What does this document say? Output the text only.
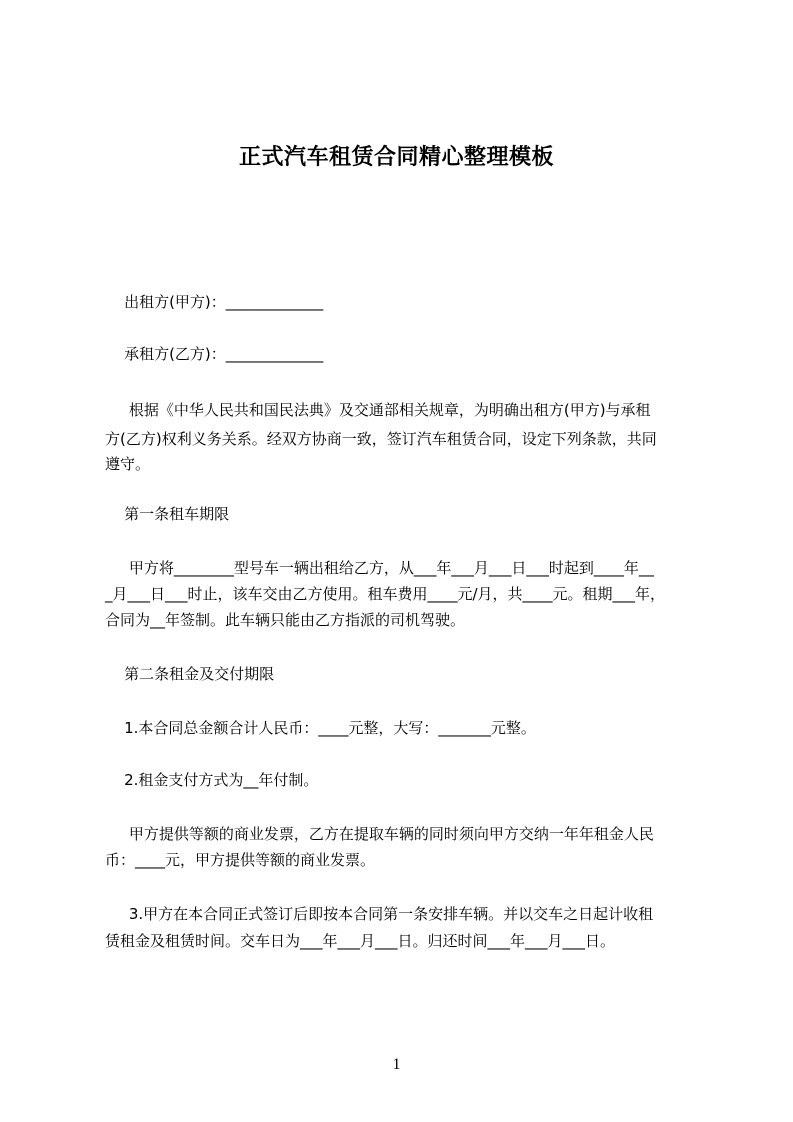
正式汽车租赁合同精心整理模板
出租方(甲方)：_____________
承租方(乙方)：_____________
根据《中华人民共和国民法典》及交通部相关规章，为明确出租方(甲方)与承租
方(乙方)权利义务关系。经双方协商一致，签订汽车租赁合同，设定下列条款，共同
遵守。
第一条租车期限
甲方将________型号车一辆出租给乙方，从___年___月___日___时起到____年__
_月___日___时止，该车交由乙方使用。租车费用____元/月，共____元。租期___年，
合同为__年签制。此车辆只能由乙方指派的司机驾驶。
第二条租金及交付期限
1.本合同总金额合计人民币：____元整，大写：_______元整。
2.租金支付方式为__年付制。
甲方提供等额的商业发票，乙方在提取车辆的同时须向甲方交纳一年年租金人民
币：____元，甲方提供等额的商业发票。
3.甲方在本合同正式签订后即按本合同第一条安排车辆。并以交车之日起计收租
赁租金及租赁时间。交车日为___年___月___日。归还时间___年___月___日。
1
